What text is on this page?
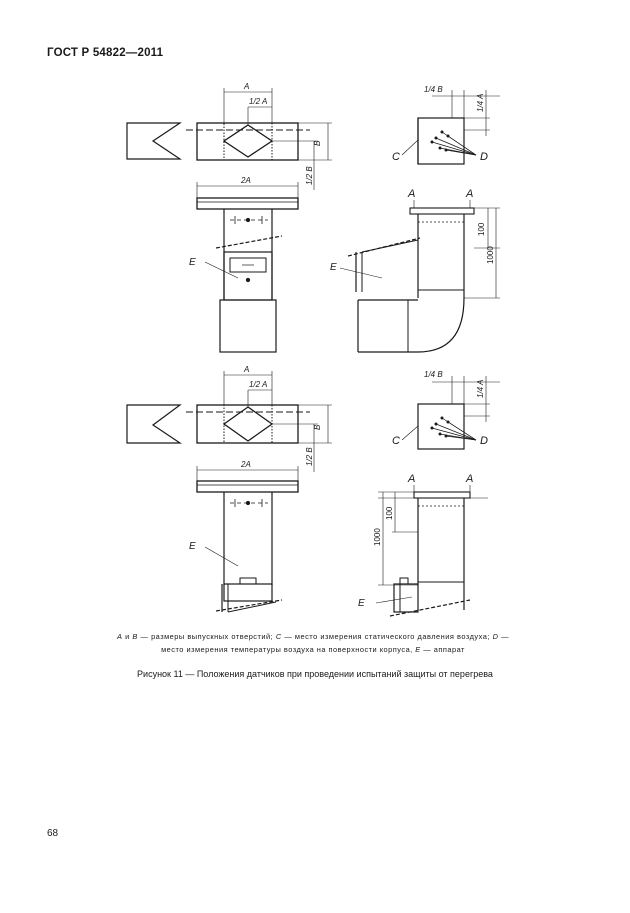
ГОСТ Р 54822—2011
A
1/2 A
B
1/2 B
2A
E
1/4 B
1/4 A
C	D
A	A
100
1000
E
A
1/2 A
B
1/2 B
2A
E
1/4 B
1/4 A
C	D
A	A
100
1000
E
A и B — размеры выпускных отверстий; C — место измерения статического давления воздуха; D — место измерения температуры воздуха на поверхности корпуса, E — аппарат
Рисунок 11 — Положения датчиков при проведении испытаний защиты от перегрева
68
